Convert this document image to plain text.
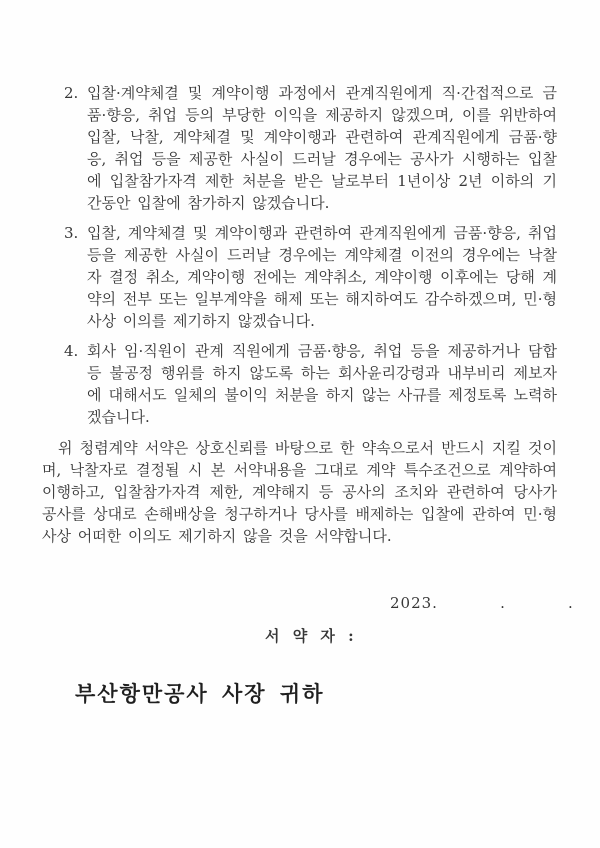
2. 입찰·계약체결 및 계약이행 과정에서 관계직원에게 직·간접적으로 금품·향응, 취업 등의 부당한 이익을 제공하지 않겠으며, 이를 위반하여 입찰, 낙찰, 계약체결 및 계약이행과 관련하여 관계직원에게 금품·향응, 취업 등을 제공한 사실이 드러날 경우에는 공사가 시행하는 입찰에 입찰참가자격 제한 처분을 받은 날로부터 1년이상 2년 이하의 기간동안 입찰에 참가하지 않겠습니다.
3. 입찰, 계약체결 및 계약이행과 관련하여 관계직원에게 금품·향응, 취업 등을 제공한 사실이 드러날 경우에는 계약체결 이전의 경우에는 낙찰자 결정 취소, 계약이행 전에는 계약취소, 계약이행 이후에는 당해 계약의 전부 또는 일부계약을 해제 또는 해지하여도 감수하겠으며, 민·형사상 이의를 제기하지 않겠습니다.
4. 회사 임·직원이 관계 직원에게 금품·향응, 취업 등을 제공하거나 담합 등 불공정 행위를 하지 않도록 하는 회사윤리강령과 내부비리 제보자에 대해서도 일체의 불이익 처분을 하지 않는 사규를 제정토록 노력하겠습니다.
위 청렴계약 서약은 상호신뢰를 바탕으로 한 약속으로서 반드시 지킬 것이며, 낙찰자로 결정될 시 본 서약내용을 그대로 계약 특수조건으로 계약하여 이행하고, 입찰참가자격 제한, 계약해지 등 공사의 조치와 관련하여 당사가 공사를 상대로 손해배상을 청구하거나 당사를 배제하는 입찰에 관하여 민·형사상 어떠한 이의도 제기하지 않을 것을 서약합니다.
2023.        .        .
서 약 자 :
부산항만공사 사장 귀하
